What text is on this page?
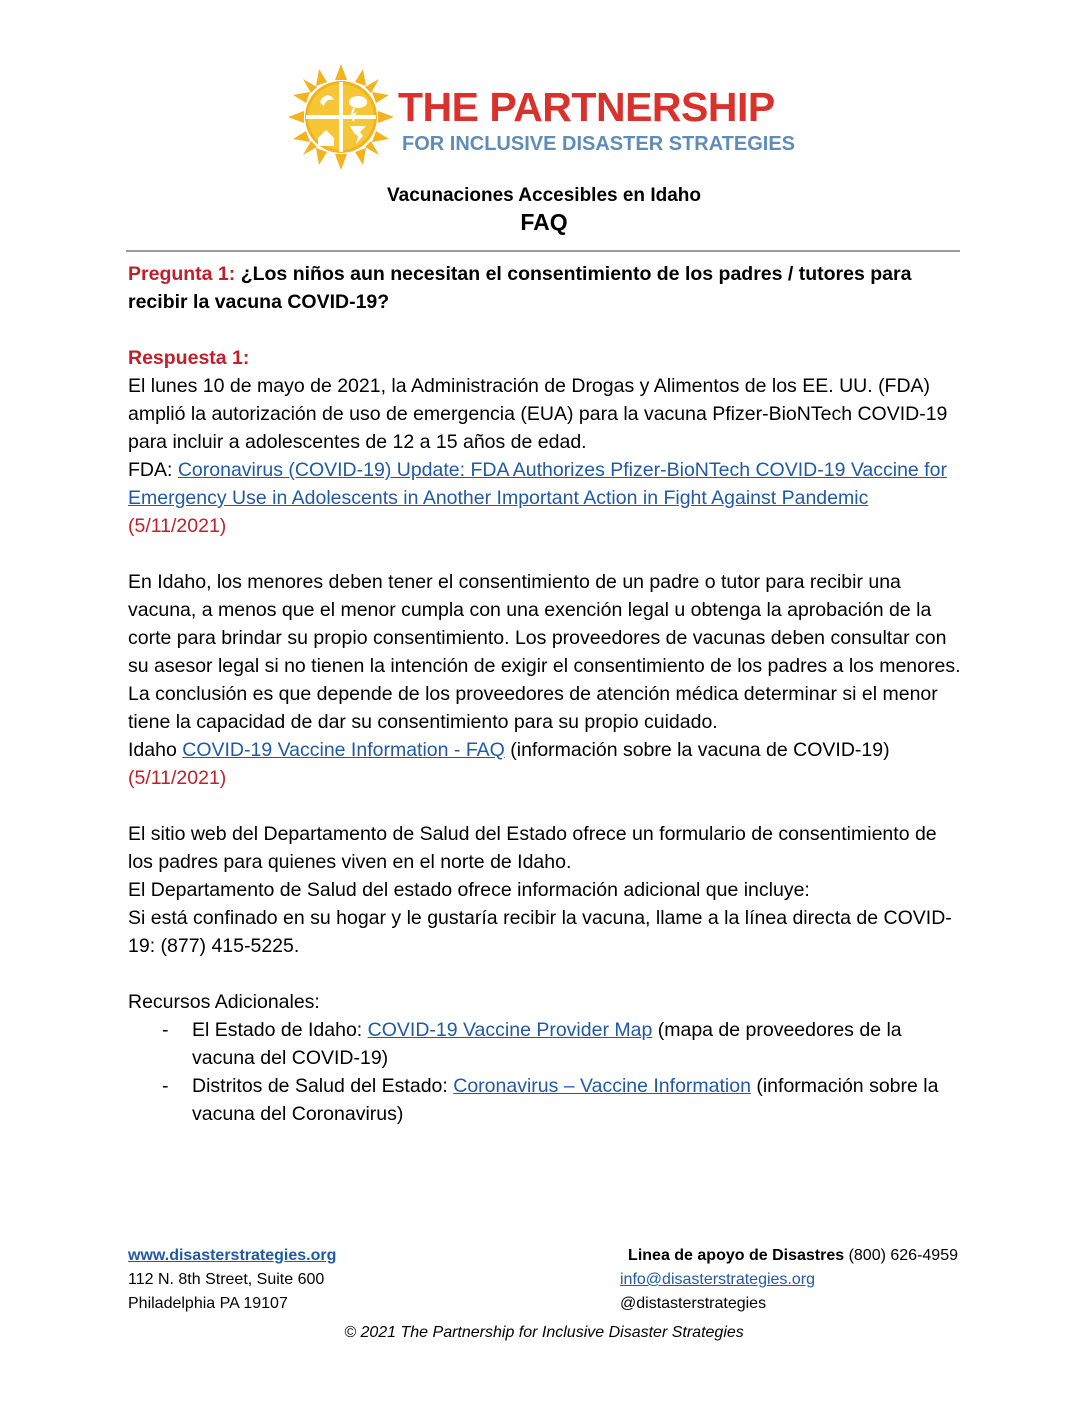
THE PARTNERSHIP
FOR INCLUSIVE DISASTER STRATEGIES
Vacunaciones Accesibles en Idaho
FAQ

Pregunta 1: ¿Los niños aun necesitan el consentimiento de los padres / tutores para recibir la vacuna COVID-19?

Respuesta 1:

El lunes 10 de mayo de 2021, la Administración de Drogas y Alimentos de los EE. UU. (FDA) amplió la autorización de uso de emergencia (EUA) para la vacuna Pfizer-BioNTech COVID-19 para incluir a adolescentes de 12 a 15 años de edad.

FDA: Coronavirus (COVID-19) Update: FDA Authorizes Pfizer-BioNTech COVID-19 Vaccine for Emergency Use in Adolescents in Another Important Action in Fight Against Pandemic (5/11/2021)

En Idaho, los menores deben tener el consentimiento de un padre o tutor para recibir una vacuna, a menos que el menor cumpla con una exención legal u obtenga la aprobación de la corte para brindar su propio consentimiento. Los proveedores de vacunas deben consultar con su asesor legal si no tienen la intención de exigir el consentimiento de los padres a los menores. La conclusión es que depende de los proveedores de atención médica determinar si el menor tiene la capacidad de dar su consentimiento para su propio cuidado.

Idaho COVID-19 Vaccine Information - FAQ (información sobre la vacuna de COVID-19) (5/11/2021)

El sitio web del Departamento de Salud del Estado ofrece un formulario de consentimiento de los padres para quienes viven en el norte de Idaho.

El Departamento de Salud del estado ofrece información adicional que incluye:

Si está confinado en su hogar y le gustaría recibir la vacuna, llame a la línea directa de COVID-19: (877) 415-5225.

Recursos Adicionales:

- El Estado de Idaho: COVID-19 Vaccine Provider Map (mapa de proveedores de la vacuna del COVID-19)
- Distritos de Salud del Estado: Coronavirus – Vaccine Information (información sobre la vacuna del Coronavirus)
www.disasterstrategies.org
112 N. 8th Street, Suite 600
Philadelphia PA 19107
Linea de apoyo de Disastres (800) 626-4959
info@disasterstrategies.org
@distasterstrategies
© 2021 The Partnership for Inclusive Disaster Strategies
